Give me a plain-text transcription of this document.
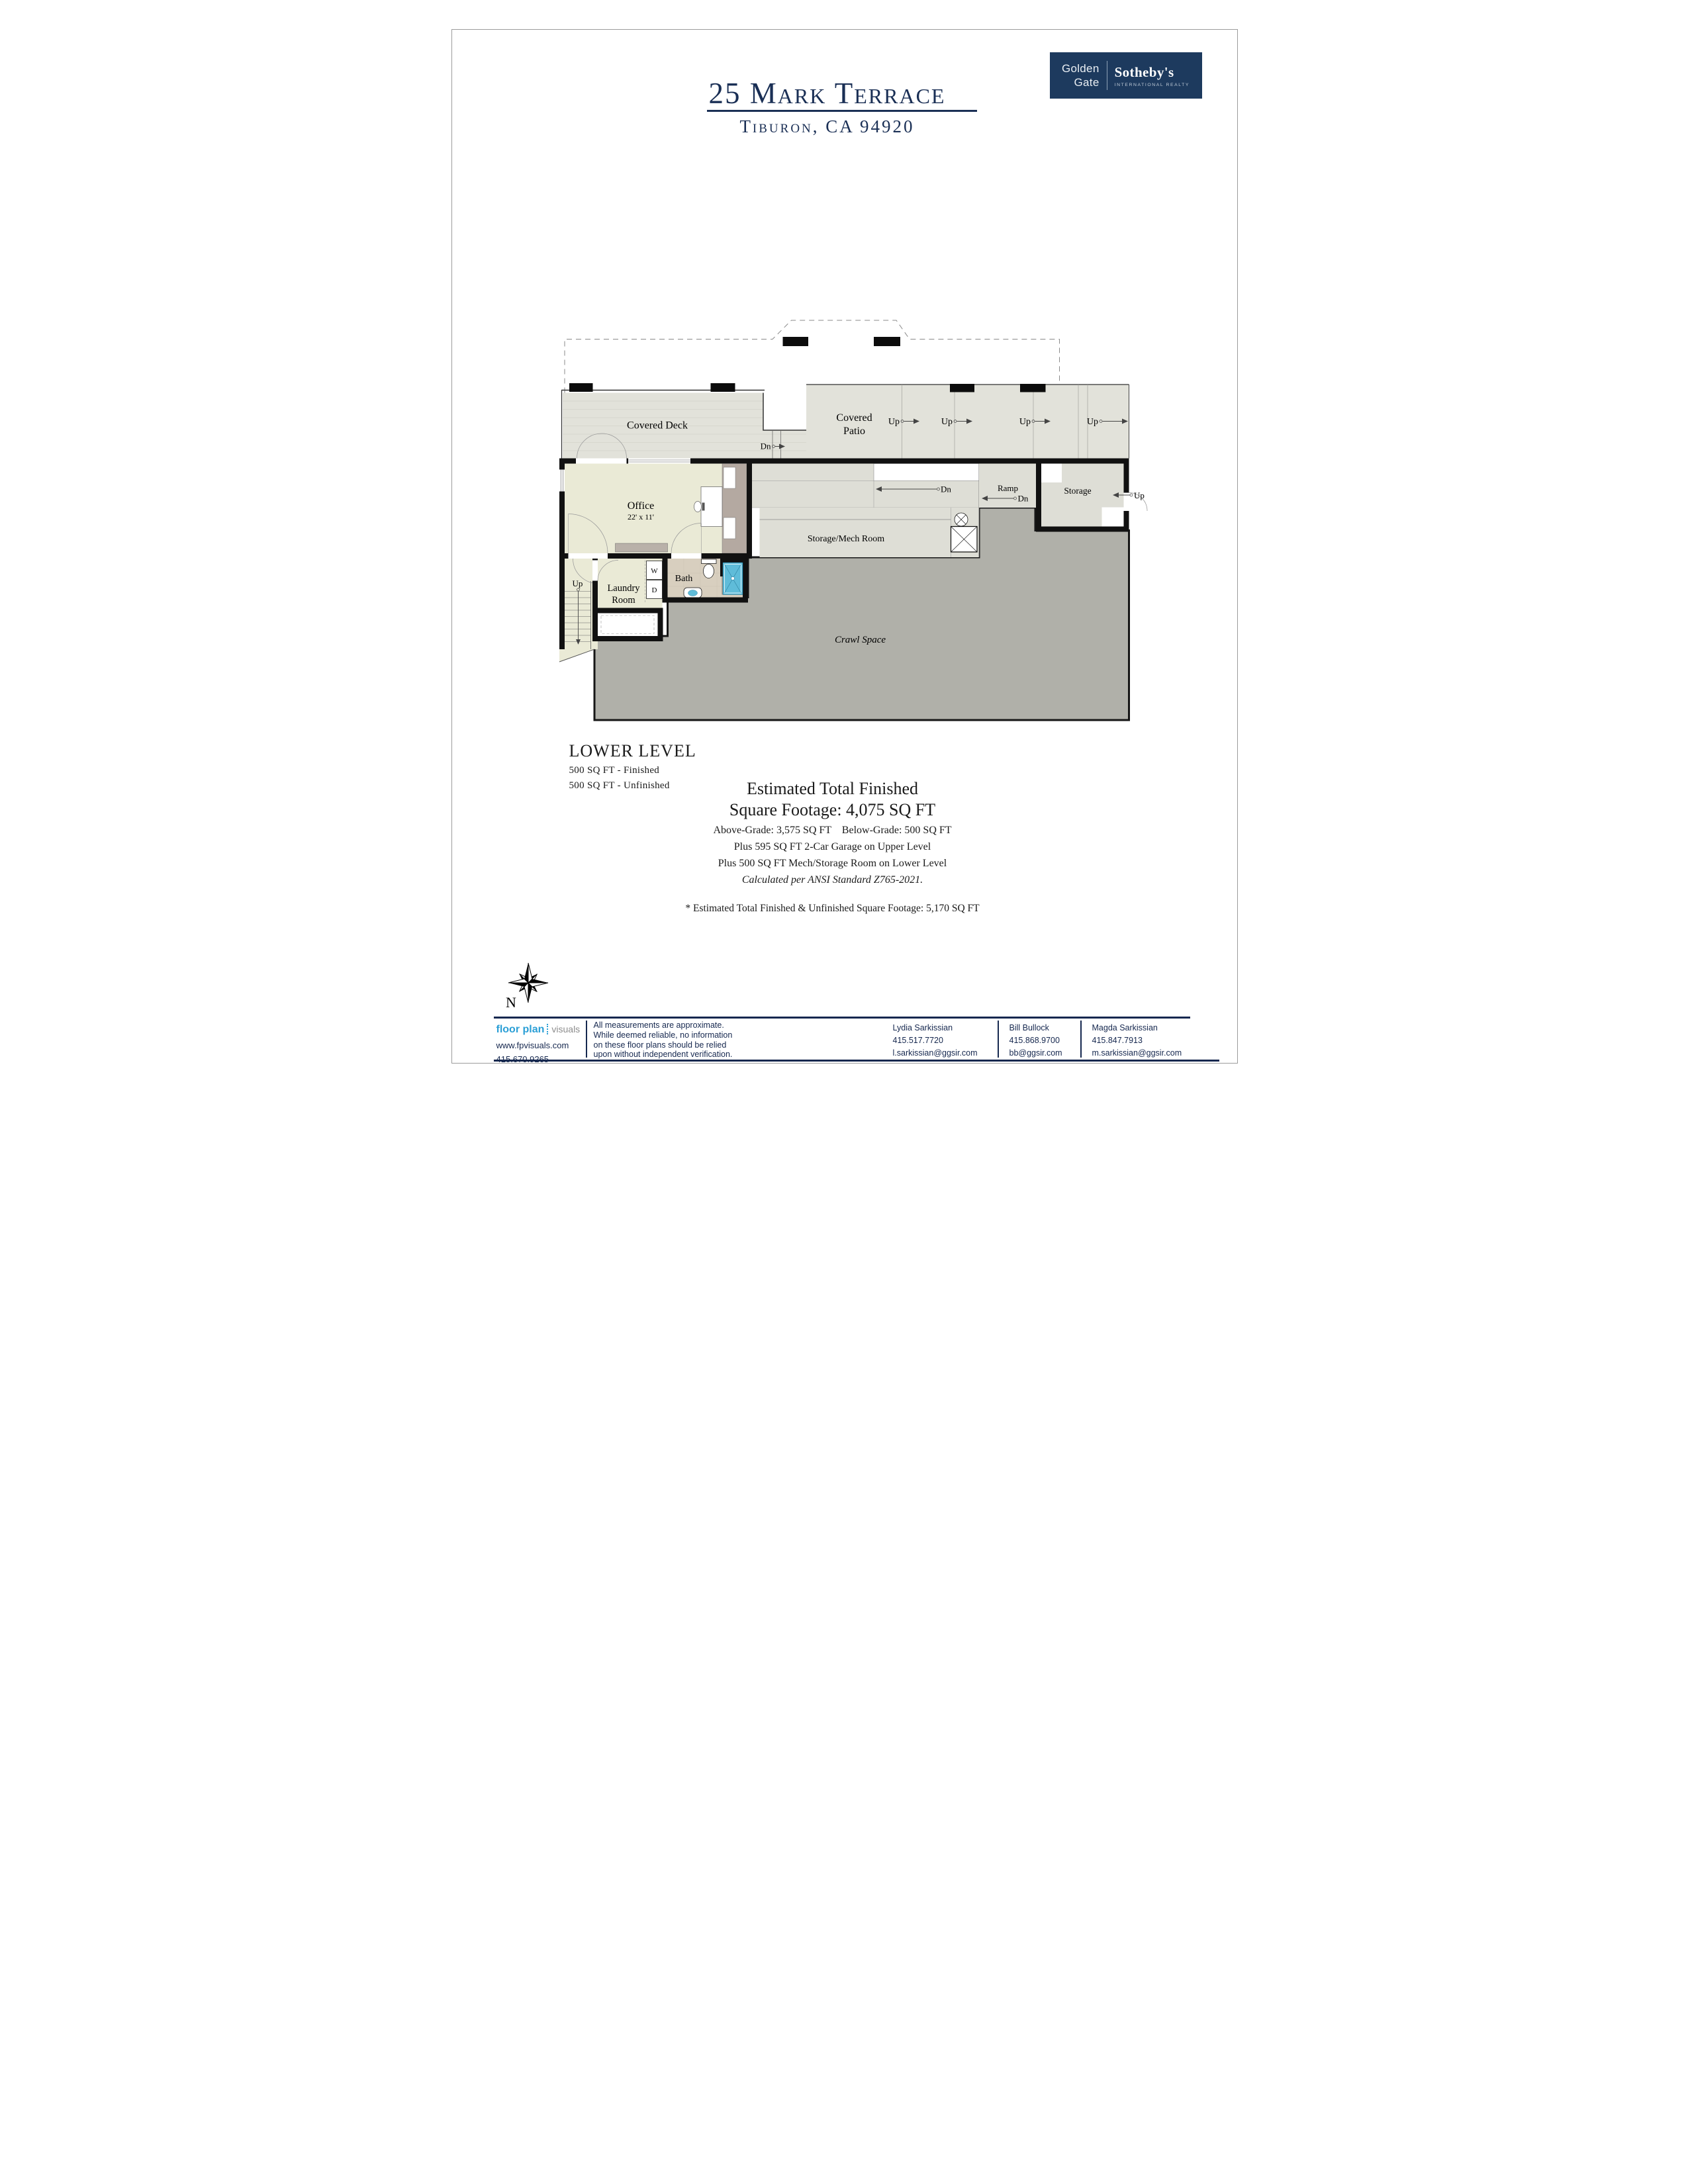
25 Mark Terrace
Tiburon, CA 94920
Golden
Gate
Sotheby's
INTERNATIONAL REALTY
Dn
Covered Deck
Covered
Patio
Up Up	Up	Up
Crawl Space
Storage/Mech Room
Dn	Ramp
Dn
Storage Up
Office
22' x 11'
Up
W
D
Laundry
Room
Bath
LOWER LEVEL
500 SQ FT - Finished
500 SQ FT - Unfinished	Estimated Total Finished
Square Footage: 4,075 SQ FT
Above-Grade: 3,575 SQ FT    Below-Grade: 500 SQ FT
Plus 595 SQ FT 2-Car Garage on Upper Level
Plus 500 SQ FT Mech/Storage Room on Lower Level
Calculated per ANSI Standard Z765-2021.
* Estimated Total Finished & Unfinished Square Footage: 5,170 SQ FT
N
floor plan visuals
www.fpvisuals.com
415.670.9265
All measurements are approximate.
While deemed reliable, no information
on these floor plans should be relied
upon without independent verification.
Lydia Sarkissian
415.517.7720
l.sarkissian@ggsir.com
Bill Bullock
415.868.9700
bb@ggsir.com
Magda Sarkissian
415.847.7913
m.sarkissian@ggsir.com
